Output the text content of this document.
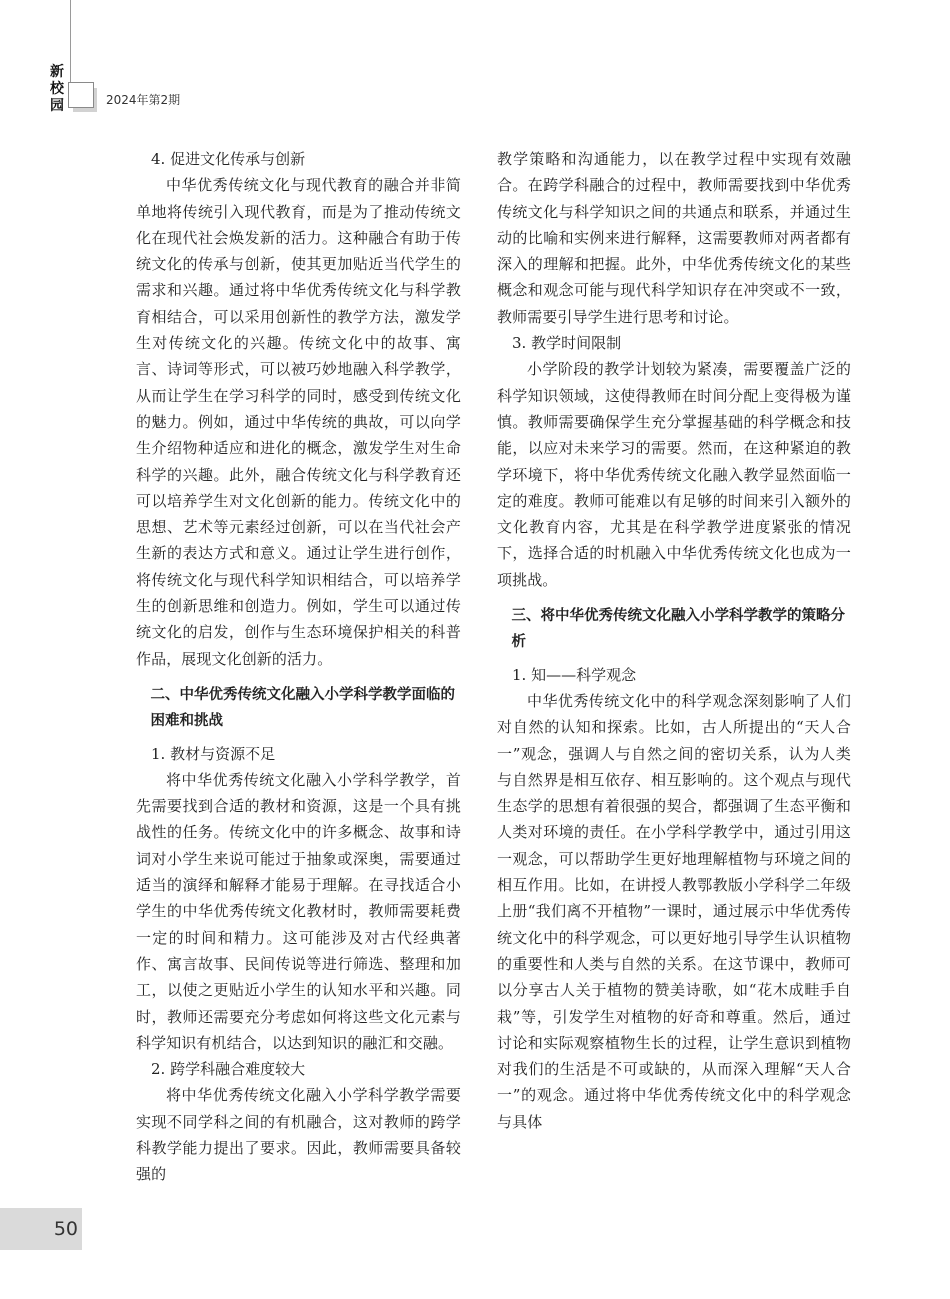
新
校
园	2024年第2期

4. 促进文化传承与创新

中华优秀传统文化与现代教育的融合并非简单地将传统引入现代教育，而是为了推动传统文化在现代社会焕发新的活力。这种融合有助于传统文化的传承与创新，使其更加贴近当代学生的需求和兴趣。通过将中华优秀传统文化与科学教育相结合，可以采用创新性的教学方法，激发学生对传统文化的兴趣。传统文化中的故事、寓言、诗词等形式，可以被巧妙地融入科学教学，从而让学生在学习科学的同时，感受到传统文化的魅力。例如，通过中华传统的典故，可以向学生介绍物种适应和进化的概念，激发学生对生命科学的兴趣。此外，融合传统文化与科学教育还可以培养学生对文化创新的能力。传统文化中的思想、艺术等元素经过创新，可以在当代社会产生新的表达方式和意义。通过让学生进行创作，将传统文化与现代科学知识相结合，可以培养学生的创新思维和创造力。例如，学生可以通过传统文化的启发，创作与生态环境保护相关的科普作品，展现文化创新的活力。

二、中华优秀传统文化融入小学科学教学面临的困难和挑战

1. 教材与资源不足

将中华优秀传统文化融入小学科学教学，首先需要找到合适的教材和资源，这是一个具有挑战性的任务。传统文化中的许多概念、故事和诗词对小学生来说可能过于抽象或深奥，需要通过适当的演绎和解释才能易于理解。在寻找适合小学生的中华优秀传统文化教材时，教师需要耗费一定的时间和精力。这可能涉及对古代经典著作、寓言故事、民间传说等进行筛选、整理和加工，以使之更贴近小学生的认知水平和兴趣。同时，教师还需要充分考虑如何将这些文化元素与科学知识有机结合，以达到知识的融汇和交融。

2. 跨学科融合难度较大

将中华优秀传统文化融入小学科学教学需要实现不同学科之间的有机融合，这对教师的跨学科教学能力提出了要求。因此，教师需要具备较强的

教学策略和沟通能力，以在教学过程中实现有效融合。在跨学科融合的过程中，教师需要找到中华优秀传统文化与科学知识之间的共通点和联系，并通过生动的比喻和实例来进行解释，这需要教师对两者都有深入的理解和把握。此外，中华优秀传统文化的某些概念和观念可能与现代科学知识存在冲突或不一致，教师需要引导学生进行思考和讨论。

3. 教学时间限制

小学阶段的教学计划较为紧凑，需要覆盖广泛的科学知识领域，这使得教师在时间分配上变得极为谨慎。教师需要确保学生充分掌握基础的科学概念和技能，以应对未来学习的需要。然而，在这种紧迫的教学环境下，将中华优秀传统文化融入教学显然面临一定的难度。教师可能难以有足够的时间来引入额外的文化教育内容，尤其是在科学教学进度紧张的情况下，选择合适的时机融入中华优秀传统文化也成为一项挑战。

三、将中华优秀传统文化融入小学科学教学的策略分析

1. 知——科学观念

中华优秀传统文化中的科学观念深刻影响了人们对自然的认知和探索。比如，古人所提出的“天人合一”观念，强调人与自然之间的密切关系，认为人类与自然界是相互依存、相互影响的。这个观点与现代生态学的思想有着很强的契合，都强调了生态平衡和人类对环境的责任。在小学科学教学中，通过引用这一观念，可以帮助学生更好地理解植物与环境之间的相互作用。比如，在讲授人教鄂教版小学科学二年级上册“我们离不开植物”一课时，通过展示中华优秀传统文化中的科学观念，可以更好地引导学生认识植物的重要性和人类与自然的关系。在这节课中，教师可以分享古人关于植物的赞美诗歌，如“花木成畦手自栽”等，引发学生对植物的好奇和尊重。然后，通过讨论和实际观察植物生长的过程，让学生意识到植物对我们的生活是不可或缺的，从而深入理解“天人合一”的观念。通过将中华优秀传统文化中的科学观念与具体

50
